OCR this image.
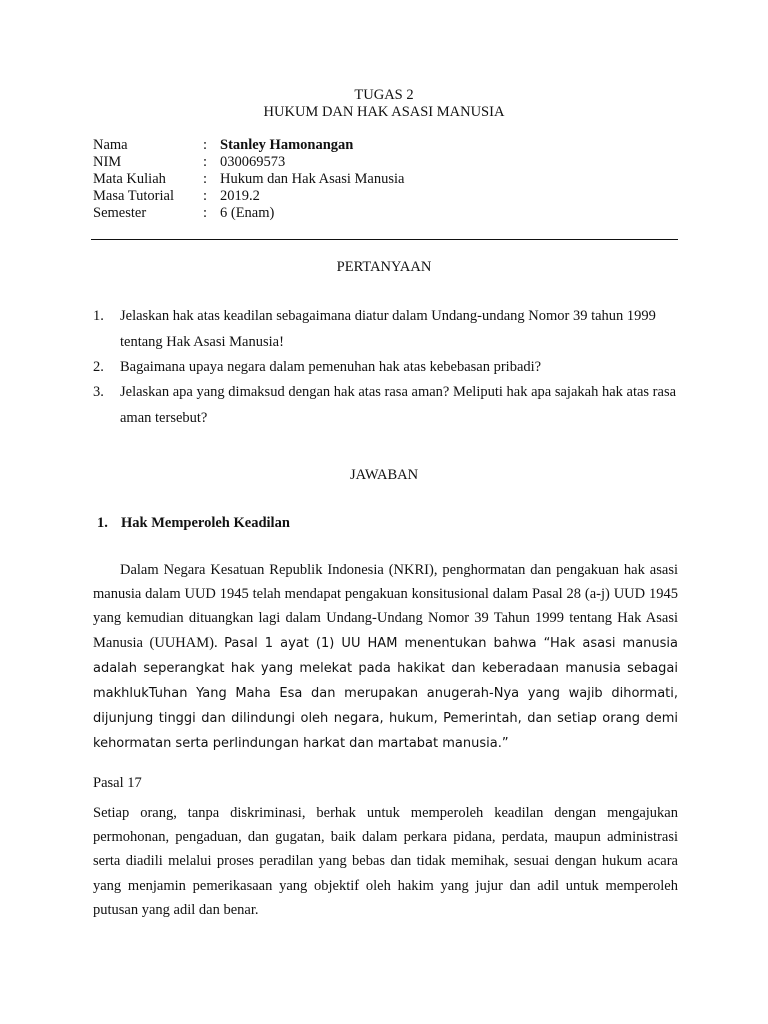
TUGAS 2
HUKUM DAN HAK ASASI MANUSIA
Nama	: Stanley Hamonangan
NIM	: 030069573
Mata Kuliah	: Hukum dan Hak Asasi Manusia
Masa Tutorial : 2019.2
Semester	: 6 (Enam)
PERTANYAAN
1. Jelaskan hak atas keadilan sebagaimana diatur dalam Undang-undang Nomor 39 tahun 1999 tentang Hak Asasi Manusia!
2. Bagaimana upaya negara dalam pemenuhan hak atas kebebasan pribadi?
3. Jelaskan apa yang dimaksud dengan hak atas rasa aman? Meliputi hak apa sajakah hak atas rasa aman tersebut?
JAWABAN
1. Hak Memperoleh Keadilan
Dalam Negara Kesatuan Republik Indonesia (NKRI), penghormatan dan pengakuan hak asasi manusia dalam UUD 1945 telah mendapat pengakuan konsitusional dalam Pasal 28 (a-j) UUD 1945 yang kemudian dituangkan lagi dalam Undang-Undang Nomor 39 Tahun 1999 tentang Hak Asasi Manusia (UUHAM). Pasal 1 ayat (1) UU HAM menentukan bahwa “Hak asasi manusia adalah seperangkat hak yang melekat pada hakikat dan keberadaan manusia sebagai makhlukTuhan Yang Maha Esa dan merupakan anugerah-Nya yang wajib dihormati, dijunjung tinggi dan dilindungi oleh negara, hukum, Pemerintah, dan setiap orang demi kehormatan serta perlindungan harkat dan martabat manusia.”
Pasal 17
Setiap orang, tanpa diskriminasi, berhak untuk memperoleh keadilan dengan mengajukan permohonan, pengaduan, dan gugatan, baik dalam perkara pidana, perdata, maupun administrasi serta diadili melalui proses peradilan yang bebas dan tidak memihak, sesuai dengan hukum acara yang menjamin pemerikasaan yang objektif oleh hakim yang jujur dan adil untuk memperoleh putusan yang adil dan benar.
